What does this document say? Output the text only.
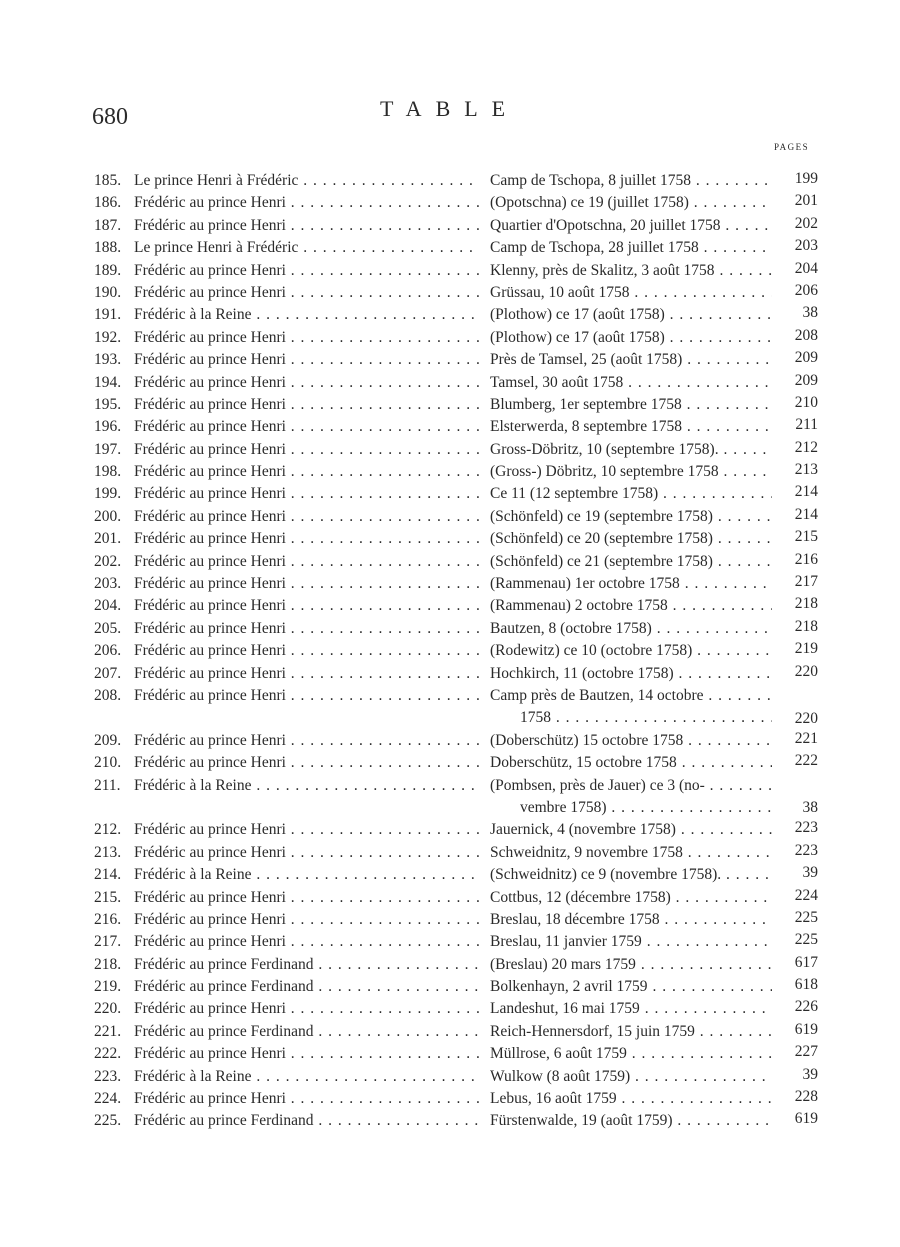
680	TABLE
PAGES
185. Le prince Henri à Frédéric . . .	Camp de Tschopa, 8 juillet 1758 . . .	199
186. Frédéric au prince Henri . . .	(Opotschna) ce 19 (juillet 1758) . . .	201
187. Frédéric au prince Henri . . .	Quartier d'Opotschna, 20 juillet 1758 . . .	202
188. Le prince Henri à Frédéric . . .	Camp de Tschopa, 28 juillet 1758 . . .	203
189. Frédéric au prince Henri . . .	Klenny, près de Skalitz, 3 août 1758 . . .	204
190. Frédéric au prince Henri . . .	Grüssau, 10 août 1758 . . .	206
191. Frédéric à la Reine . . .	(Plothow) ce 17 (août 1758) . . .	38
192. Frédéric au prince Henri . . .	(Plothow) ce 17 (août 1758) . . .	208
193. Frédéric au prince Henri . . .	Près de Tamsel, 25 (août 1758) . . .	209
194. Frédéric au prince Henri . . .	Tamsel, 30 août 1758 . . .	209
195. Frédéric au prince Henri . . .	Blumberg, 1er septembre 1758 . . .	210
196. Frédéric au prince Henri . . .	Elsterwerda, 8 septembre 1758 . . .	211
197. Frédéric au prince Henri . . .	Gross-Döbritz, 10 (septembre 1758). . . .	212
198. Frédéric au prince Henri . . .	(Gross-) Döbritz, 10 septembre 1758 . . .	213
199. Frédéric au prince Henri . . .	Ce 11 (12 septembre 1758) . . .	214
200. Frédéric au prince Henri . . .	(Schönfeld) ce 19 (septembre 1758) . . .	214
201. Frédéric au prince Henri . . .	(Schönfeld) ce 20 (septembre 1758) . . .	215
202. Frédéric au prince Henri . . .	(Schönfeld) ce 21 (septembre 1758) . . .	216
203. Frédéric au prince Henri . . .	(Rammenau) 1er octobre 1758 . . .	217
204. Frédéric au prince Henri . . .	(Rammenau) 2 octobre 1758 . . .	218
205. Frédéric au prince Henri . . .	Bautzen, 8 (octobre 1758) . . .	218
206. Frédéric au prince Henri . . .	(Rodewitz) ce 10 (octobre 1758) . . .	219
207. Frédéric au prince Henri . . .	Hochkirch, 11 (octobre 1758) . . .	220
208. Frédéric au prince Henri . . .	Camp près de Bautzen, 14 octobre . . .
1758 . . .	220
209. Frédéric au prince Henri . . .	(Doberschütz) 15 octobre 1758 . . .	221
210. Frédéric au prince Henri . . .	Doberschütz, 15 octobre 1758 . . .	222
211. Frédéric à la Reine . . .	(Pombsen, près de Jauer) ce 3 (no- . . .
vembre 1758) . . .	38
212. Frédéric au prince Henri . . .	Jauernick, 4 (novembre 1758) . . .	223
213. Frédéric au prince Henri . . .	Schweidnitz, 9 novembre 1758 . . .	223
214. Frédéric à la Reine . . .	(Schweidnitz) ce 9 (novembre 1758). . . .	39
215. Frédéric au prince Henri . . .	Cottbus, 12 (décembre 1758) . . .	224
216. Frédéric au prince Henri . . .	Breslau, 18 décembre 1758 . . .	225
217. Frédéric au prince Henri . . .	Breslau, 11 janvier 1759 . . .	225
218. Frédéric au prince Ferdinand . . .	(Breslau) 20 mars 1759 . . .	617
219. Frédéric au prince Ferdinand . . .	Bolkenhayn, 2 avril 1759 . . .	618
220. Frédéric au prince Henri . . .	Landeshut, 16 mai 1759 . . .	226
221. Frédéric au prince Ferdinand . . .	Reich-Hennersdorf, 15 juin 1759 . . .	619
222. Frédéric au prince Henri . . .	Müllrose, 6 août 1759 . . .	227
223. Frédéric à la Reine . . .	Wulkow (8 août 1759) . . .	39
224. Frédéric au prince Henri . . .	Lebus, 16 août 1759 . . .	228
225. Frédéric au prince Ferdinand . . .	Fürstenwalde, 19 (août 1759) . . .	619
